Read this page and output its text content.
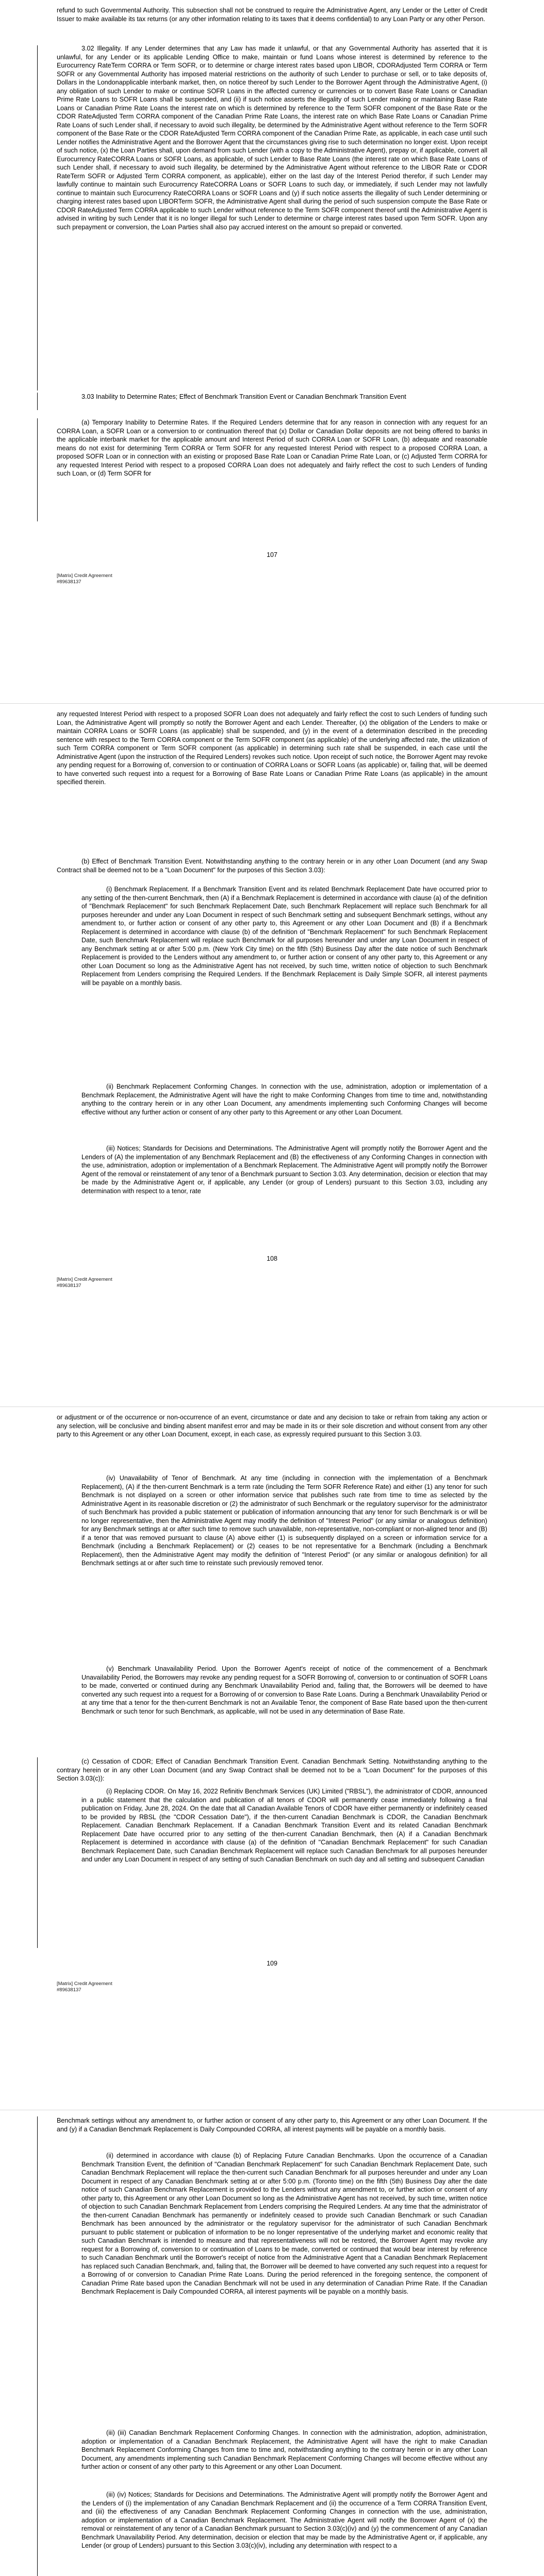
refund to such Governmental Authority. This subsection shall not be construed to require the Administrative Agent, any Lender or the Letter of Credit Issuer to make available its tax returns (or any other information relating to its taxes that it deems confidential) to any Loan Party or any other Person.

3.02 Illegality. If any Lender determines that any Law has made it unlawful, or that any Governmental Authority has asserted that it is unlawful, for any Lender or its applicable Lending Office to make, maintain or fund Loans whose interest is determined by reference to the Eurocurrency RateTerm CORRA or Term SOFR, or to determine or charge interest rates based upon LIBOR, CDORAdjusted Term CORRA or Term SOFR or any Governmental Authority has imposed material restrictions on the authority of such Lender to purchase or sell, or to take deposits of, Dollars in the Londonapplicable interbank market, then, on notice thereof by such Lender to the Borrower Agent through the Administrative Agent, (i) any obligation of such Lender to make or continue SOFR Loans in the affected currency or currencies or to convert Base Rate Loans or Canadian Prime Rate Loans to SOFR Loans shall be suspended, and (ii) if such notice asserts the illegality of such Lender making or maintaining Base Rate Loans or Canadian Prime Rate Loans the interest rate on which is determined by reference to the Term SOFR component of the Base Rate or the CDOR RateAdjusted Term CORRA component of the Canadian Prime Rate Loans, the interest rate on which Base Rate Loans or Canadian Prime Rate Loans of such Lender shall, if necessary to avoid such illegality, be determined by the Administrative Agent without reference to the Term SOFR component of the Base Rate or the CDOR RateAdjusted Term CORRA component of the Canadian Prime Rate, as applicable, in each case until such Lender notifies the Administrative Agent and the Borrower Agent that the circumstances giving rise to such determination no longer exist. Upon receipt of such notice, (x) the Loan Parties shall, upon demand from such Lender (with a copy to the Administrative Agent), prepay or, if applicable, convert all Eurocurrency RateCORRA Loans or SOFR Loans, as applicable, of such Lender to Base Rate Loans (the interest rate on which Base Rate Loans of such Lender shall, if necessary to avoid such illegality, be determined by the Administrative Agent without reference to the LIBOR Rate or CDOR RateTerm SOFR or Adjusted Term CORRA component, as applicable), either on the last day of the Interest Period therefor, if such Lender may lawfully continue to maintain such Eurocurrency RateCORRA Loans or SOFR Loans to such day, or immediately, if such Lender may not lawfully continue to maintain such Eurocurrency RateCORRA Loans or SOFR Loans and (y) if such notice asserts the illegality of such Lender determining or charging interest rates based upon LIBORTerm SOFR, the Administrative Agent shall during the period of such suspension compute the Base Rate or CDOR RateAdjusted Term CORRA applicable to such Lender without reference to the Term SOFR component thereof until the Administrative Agent is advised in writing by such Lender that it is no longer illegal for such Lender to determine or charge interest rates based upon Term SOFR. Upon any such prepayment or conversion, the Loan Parties shall also pay accrued interest on the amount so prepaid or converted.

3.03 Inability to Determine Rates; Effect of Benchmark Transition Event or Canadian Benchmark Transition Event

(a) Temporary Inability to Determine Rates. If the Required Lenders determine that for any reason in connection with any request for an CORRA Loan, a SOFR Loan or a conversion to or continuation thereof that (x) Dollar or Canadian Dollar deposits are not being offered to banks in the applicable interbank market for the applicable amount and Interest Period of such CORRA Loan or SOFR Loan, (b) adequate and reasonable means do not exist for determining Term CORRA or Term SOFR for any requested Interest Period with respect to a proposed CORRA Loan, a proposed SOFR Loan or in connection with an existing or proposed Base Rate Loan or Canadian Prime Rate Loan, or (c) Adjusted Term CORRA for any requested Interest Period with respect to a proposed CORRA Loan does not adequately and fairly reflect the cost to such Lenders of funding such Loan, or (d) Term SOFR for

107
[Matrix] Credit Agreement
#89638137

any requested Interest Period with respect to a proposed SOFR Loan does not adequately and fairly reflect the cost to such Lenders of funding such Loan, the Administrative Agent will promptly so notify the Borrower Agent and each Lender. Thereafter, (x) the obligation of the Lenders to make or maintain CORRA Loans or SOFR Loans (as applicable) shall be suspended, and (y) in the event of a determination described in the preceding sentence with respect to the Term CORRA component or the Term SOFR component (as applicable) of the underlying affected rate, the utilization of such Term CORRA component or Term SOFR component (as applicable) in determining such rate shall be suspended, in each case until the Administrative Agent (upon the instruction of the Required Lenders) revokes such notice. Upon receipt of such notice, the Borrower Agent may revoke any pending request for a Borrowing of, conversion to or continuation of CORRA Loans or SOFR Loans (as applicable) or, failing that, will be deemed to have converted such request into a request for a Borrowing of Base Rate Loans or Canadian Prime Rate Loans (as applicable) in the amount specified therein.

(b) Effect of Benchmark Transition Event. Notwithstanding anything to the contrary herein or in any other Loan Document (and any Swap Contract shall be deemed not to be a "Loan Document" for the purposes of this Section 3.03):

(i) Benchmark Replacement. If a Benchmark Transition Event and its related Benchmark Replacement Date have occurred prior to any setting of the then-current Benchmark, then (A) if a Benchmark Replacement is determined in accordance with clause (a) of the definition of "Benchmark Replacement" for such Benchmark Replacement Date, such Benchmark Replacement will replace such Benchmark for all purposes hereunder and under any Loan Document in respect of such Benchmark setting and subsequent Benchmark settings, without any amendment to, or further action or consent of any other party to, this Agreement or any other Loan Document and (B) if a Benchmark Replacement is determined in accordance with clause (b) of the definition of "Benchmark Replacement" for such Benchmark Replacement Date, such Benchmark Replacement will replace such Benchmark for all purposes hereunder and under any Loan Document in respect of any Benchmark setting at or after 5:00 p.m. (New York City time) on the fifth (5th) Business Day after the date notice of such Benchmark Replacement is provided to the Lenders without any amendment to, or further action or consent of any other party to, this Agreement or any other Loan Document so long as the Administrative Agent has not received, by such time, written notice of objection to such Benchmark Replacement from Lenders comprising the Required Lenders. If the Benchmark Replacement is Daily Simple SOFR, all interest payments will be payable on a monthly basis.

(ii) Benchmark Replacement Conforming Changes. In connection with the use, administration, adoption or implementation of a Benchmark Replacement, the Administrative Agent will have the right to make Conforming Changes from time to time and, notwithstanding anything to the contrary herein or in any other Loan Document, any amendments implementing such Conforming Changes will become effective without any further action or consent of any other party to this Agreement or any other Loan Document.

(iii) Notices; Standards for Decisions and Determinations. The Administrative Agent will promptly notify the Borrower Agent and the Lenders of (A) the implementation of any Benchmark Replacement and (B) the effectiveness of any Conforming Changes in connection with the use, administration, adoption or implementation of a Benchmark Replacement. The Administrative Agent will promptly notify the Borrower Agent of the removal or reinstatement of any tenor of a Benchmark pursuant to Section 3.03. Any determination, decision or election that may be made by the Administrative Agent or, if applicable, any Lender (or group of Lenders) pursuant to this Section 3.03, including any determination with respect to a tenor, rate

108
[Matrix] Credit Agreement
#89638137

or adjustment or of the occurrence or non-occurrence of an event, circumstance or date and any decision to take or refrain from taking any action or any selection, will be conclusive and binding absent manifest error and may be made in its or their sole discretion and without consent from any other party to this Agreement or any other Loan Document, except, in each case, as expressly required pursuant to this Section 3.03.

(iv) Unavailability of Tenor of Benchmark. At any time (including in connection with the implementation of a Benchmark Replacement), (A) if the then-current Benchmark is a term rate (including the Term SOFR Reference Rate) and either (1) any tenor for such Benchmark is not displayed on a screen or other information service that publishes such rate from time to time as selected by the Administrative Agent in its reasonable discretion or (2) the administrator of such Benchmark or the regulatory supervisor for the administrator of such Benchmark has provided a public statement or publication of information announcing that any tenor for such Benchmark is or will be no longer representative, then the Administrative Agent may modify the definition of "Interest Period" (or any similar or analogous definition) for any Benchmark settings at or after such time to remove such unavailable, non-representative, non-compliant or non-aligned tenor and (B) if a tenor that was removed pursuant to clause (A) above either (1) is subsequently displayed on a screen or information service for a Benchmark (including a Benchmark Replacement) or (2) ceases to be not representative for a Benchmark (including a Benchmark Replacement), then the Administrative Agent may modify the definition of "Interest Period" (or any similar or analogous definition) for all Benchmark settings at or after such time to reinstate such previously removed tenor.

(v) Benchmark Unavailability Period. Upon the Borrower Agent's receipt of notice of the commencement of a Benchmark Unavailability Period, the Borrowers may revoke any pending request for a SOFR Borrowing of, conversion to or continuation of SOFR Loans to be made, converted or continued during any Benchmark Unavailability Period and, failing that, the Borrowers will be deemed to have converted any such request into a request for a Borrowing of or conversion to Base Rate Loans. During a Benchmark Unavailability Period or at any time that a tenor for the then-current Benchmark is not an Available Tenor, the component of Base Rate based upon the then-current Benchmark or such tenor for such Benchmark, as applicable, will not be used in any determination of Base Rate.

(c) Cessation of CDOR; Effect of Canadian Benchmark Transition Event. Canadian Benchmark Setting. Notwithstanding anything to the contrary herein or in any other Loan Document (and any Swap Contract shall be deemed not to be a "Loan Document" for the purposes of this Section 3.03(c)):

(i) Replacing CDOR. On May 16, 2022 Refinitiv Benchmark Services (UK) Limited ("RBSL"), the administrator of CDOR, announced in a public statement that the calculation and publication of all tenors of CDOR will permanently cease immediately following a final publication on Friday, June 28, 2024. On the date that all Canadian Available Tenors of CDOR have either permanently or indefinitely ceased to be provided by RBSL (the "CDOR Cessation Date"), if the then-current Canadian Benchmark is CDOR, the Canadian Benchmark Replacement. Canadian Benchmark Replacement. If a Canadian Benchmark Transition Event and its related Canadian Benchmark Replacement Date have occurred prior to any setting of the then-current Canadian Benchmark, then (A) if a Canadian Benchmark Replacement is determined in accordance with clause (a) of the definition of "Canadian Benchmark Replacement" for such Canadian Benchmark Replacement Date, such Canadian Benchmark Replacement will replace such Canadian Benchmark for all purposes hereunder and under any Loan Document in respect of any setting of such Canadian Benchmark on such day and all setting and subsequent Canadian

109
[Matrix] Credit Agreement
#89638137

Benchmark settings without any amendment to, or further action or consent of any other party to, this Agreement or any other Loan Document. If the and (y) if a Canadian Benchmark Replacement is Daily Compounded CORRA, all interest payments will be payable on a monthly basis.

(ii) determined in accordance with clause (b) of Replacing Future Canadian Benchmarks. Upon the occurrence of a Canadian Benchmark Transition Event, the definition of "Canadian Benchmark Replacement" for such Canadian Benchmark Replacement Date, such Canadian Benchmark Replacement will replace the then-current such Canadian Benchmark for all purposes hereunder and under any Loan Document in respect of any Canadian Benchmark setting at or after 5:00 p.m. (Toronto time) on the fifth (5th) Business Day after the date notice of such Canadian Benchmark Replacement is provided to the Lenders without any amendment to, or further action or consent of any other party to, this Agreement or any other Loan Document so long as the Administrative Agent has not received, by such time, written notice of objection to such Canadian Benchmark Replacement from Lenders comprising the Required Lenders. At any time that the administrator of the then-current Canadian Benchmark has permanently or indefinitely ceased to provide such Canadian Benchmark or such Canadian Benchmark has been announced by the administrator or the regulatory supervisor for the administrator of such Canadian Benchmark pursuant to public statement or publication of information to be no longer representative of the underlying market and economic reality that such Canadian Benchmark is intended to measure and that representativeness will not be restored, the Borrower Agent may revoke any request for a Borrowing of, conversion to or continuation of Loans to be made, converted or continued that would bear interest by reference to such Canadian Benchmark until the Borrower's receipt of notice from the Administrative Agent that a Canadian Benchmark Replacement has replaced such Canadian Benchmark, and, failing that, the Borrower will be deemed to have converted any such request into a request for a Borrowing of or conversion to Canadian Prime Rate Loans. During the period referenced in the foregoing sentence, the component of Canadian Prime Rate based upon the Canadian Benchmark will not be used in any determination of Canadian Prime Rate. If the Canadian Benchmark Replacement is Daily Compounded CORRA, all interest payments will be payable on a monthly basis.

(iii) (iii) Canadian Benchmark Replacement Conforming Changes. In connection with the administration, adoption, administration, adoption or implementation of a Canadian Benchmark Replacement, the Administrative Agent will have the right to make Canadian Benchmark Replacement Conforming Changes from time to time and, notwithstanding anything to the contrary herein or in any other Loan Document, any amendments implementing such Canadian Benchmark Replacement Conforming Changes will become effective without any further action or consent of any other party to this Agreement or any other Loan Document.

(iii) (iv) Notices; Standards for Decisions and Determinations. The Administrative Agent will promptly notify the Borrower Agent and the Lenders of (i) the implementation of any Canadian Benchmark Replacement and (ii) the occurrence of a Term CORRA Transition Event, and (iii) the effectiveness of any Canadian Benchmark Replacement Conforming Changes in connection with the use, administration, adoption or implementation of a Canadian Benchmark Replacement. The Administrative Agent will notify the Borrower Agent of (x) the removal or reinstatement of any tenor of a Canadian Benchmark pursuant to Section 3.03(c)(iv) and (y) the commencement of any Canadian Benchmark Unavailability Period. Any determination, decision or election that may be made by the Administrative Agent or, if applicable, any Lender (or group of Lenders) pursuant to this Section 3.03(c)(iv), including any determination with respect to a
